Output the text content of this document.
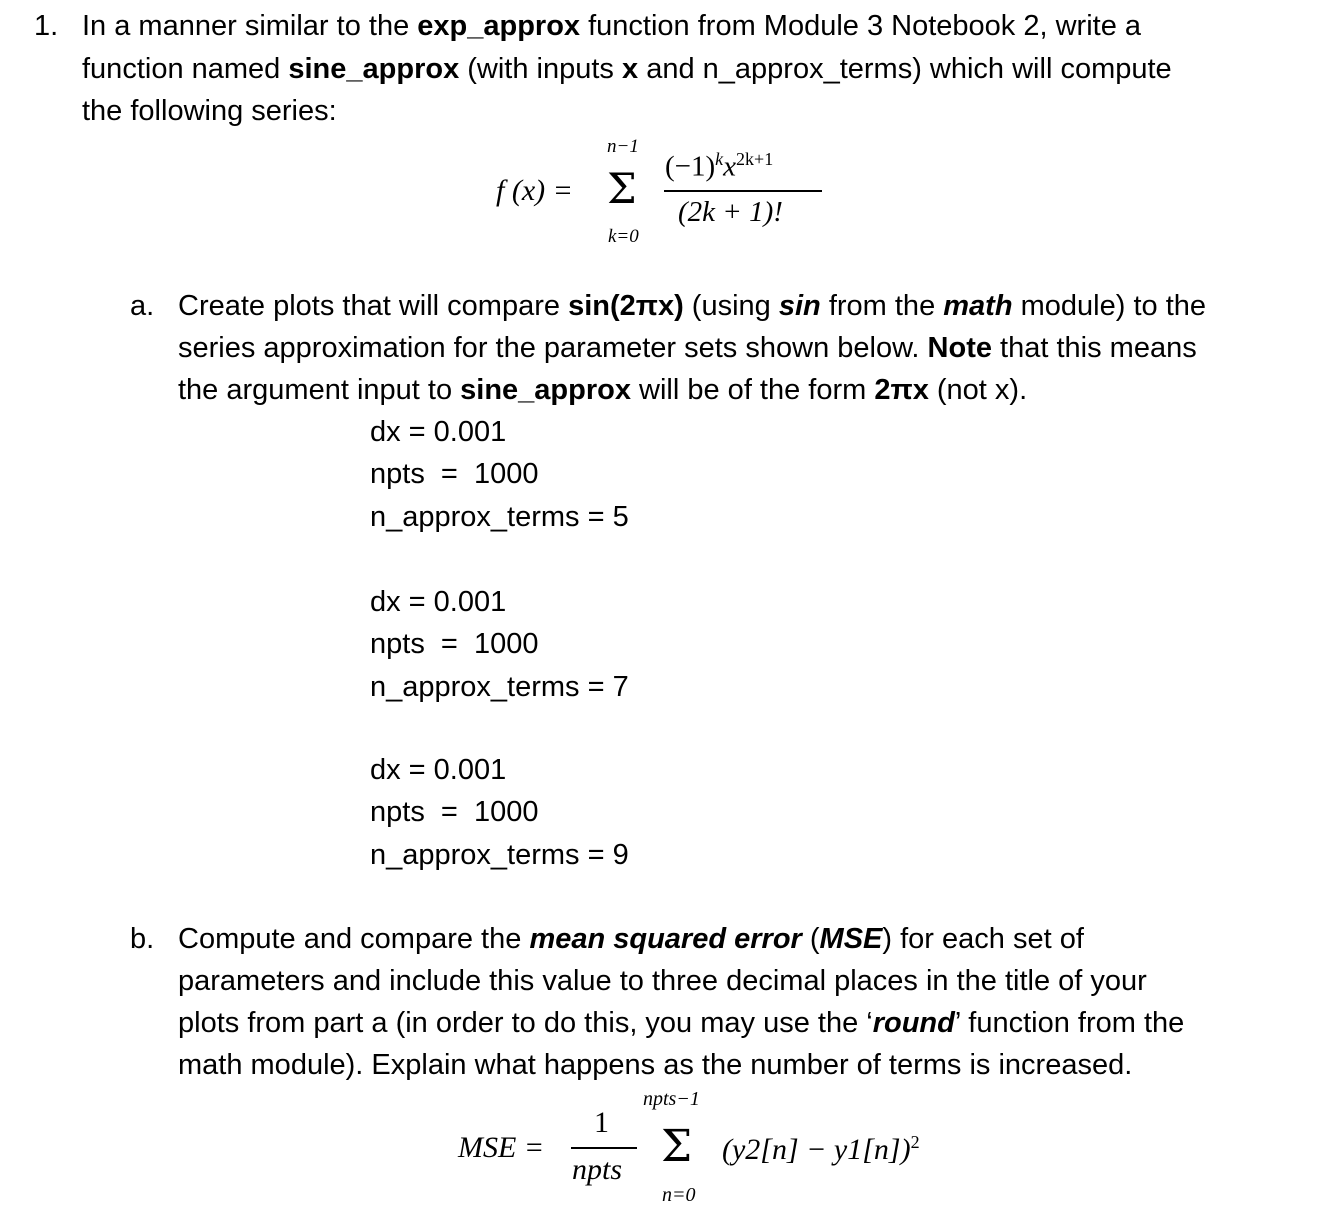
1. In a manner similar to the exp_approx function from Module 3 Notebook 2, write a
function named sine_approx (with inputs x and n_approx_terms) which will compute
the following series:
f (x) =
n−1
Σ
k=0
$(-1)^kx^{2k+1}$
(2k + 1)!
a. Create plots that will compare sin(2πx) (using sin from the math module) to the
series approximation for the parameter sets shown below. Note that this means
the argument input to sine_approx will be of the form 2πx (not x).
dx = 0.001
npts  =  1000
n_approx_terms = 5
dx = 0.001
npts  =  1000
n_approx_terms = 7
dx = 0.001
npts  =  1000
n_approx_terms = 9
b. Compute and compare the mean squared error (MSE) for each set of
parameters and include this value to three decimal places in the title of your
plots from part a (in order to do this, you may use the ‘round’ function from the
math module). Explain what happens as the number of terms is increased.
MSE =
1
npts
npts−1
Σ
n=0
$(y2[n] - y1[n])^2$
